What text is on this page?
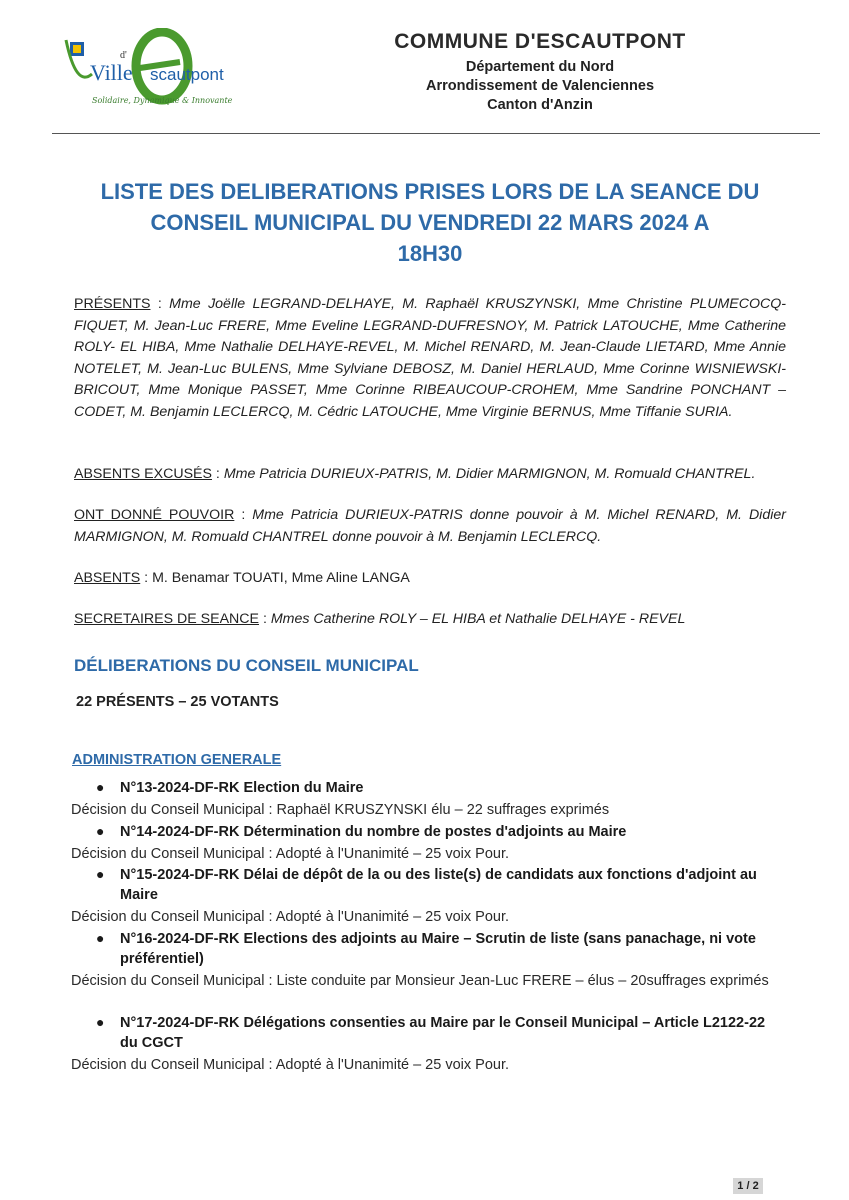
Ville
d'
scautpont
Solidaire, Dynamique & Innovante
COMMUNE D'ESCAUTPONT
Département du Nord
Arrondissement de Valenciennes
Canton d'Anzin
LISTE DES DELIBERATIONS PRISES LORS DE LA SEANCE DU
CONSEIL MUNICIPAL DU VENDREDI 22 MARS 2024 A
18H30
PRÉSENTS : Mme Joëlle LEGRAND-DELHAYE, M. Raphaël KRUSZYNSKI, Mme Christine PLUMECOCQ-FIQUET, M. Jean-Luc FRERE, Mme Eveline LEGRAND-DUFRESNOY, M. Patrick LATOUCHE, Mme Catherine ROLY- EL HIBA, Mme Nathalie DELHAYE-REVEL, M. Michel RENARD, M. Jean-Claude LIETARD, Mme Annie NOTELET, M. Jean-Luc BULENS, Mme Sylviane DEBOSZ, M. Daniel HERLAUD, Mme Corinne WISNIEWSKI-BRICOUT, Mme Monique PASSET, Mme Corinne RIBEAUCOUP-CROHEM, Mme Sandrine PONCHANT – CODET, M. Benjamin LECLERCQ, M. Cédric LATOUCHE, Mme Virginie BERNUS, Mme Tiffanie SURIA.
ABSENTS EXCUSÉS : Mme Patricia DURIEUX-PATRIS, M. Didier MARMIGNON, M. Romuald CHANTREL.
ONT DONNÉ POUVOIR : Mme Patricia DURIEUX-PATRIS donne pouvoir à M. Michel RENARD, M. Didier MARMIGNON, M. Romuald CHANTREL donne pouvoir à M. Benjamin LECLERCQ.
ABSENTS : M. Benamar TOUATI, Mme Aline LANGA
SECRETAIRES DE SEANCE : Mmes Catherine ROLY – EL HIBA et Nathalie DELHAYE - REVEL
DÉLIBERATIONS DU CONSEIL MUNICIPAL
22 PRÉSENTS – 25 VOTANTS
ADMINISTRATION GENERALE
● N°13-2024-DF-RK Election du Maire
Décision du Conseil Municipal : Raphaël KRUSZYNSKI élu – 22 suffrages exprimés
● N°14-2024-DF-RK Détermination du nombre de postes d'adjoints au Maire
Décision du Conseil Municipal : Adopté à l'Unanimité – 25 voix Pour.
● N°15-2024-DF-RK Délai de dépôt de la ou des liste(s) de candidats aux fonctions d'adjoint au Maire
Décision du Conseil Municipal : Adopté à l'Unanimité – 25 voix Pour.
● N°16-2024-DF-RK Elections des adjoints au Maire – Scrutin de liste (sans panachage, ni vote préférentiel)
Décision du Conseil Municipal : Liste conduite par Monsieur Jean-Luc FRERE – élus – 20suffrages exprimés
● N°17-2024-DF-RK Délégations consenties au Maire par le Conseil Municipal – Article L2122-22 du CGCT
Décision du Conseil Municipal : Adopté à l'Unanimité – 25 voix Pour.
1 / 2
